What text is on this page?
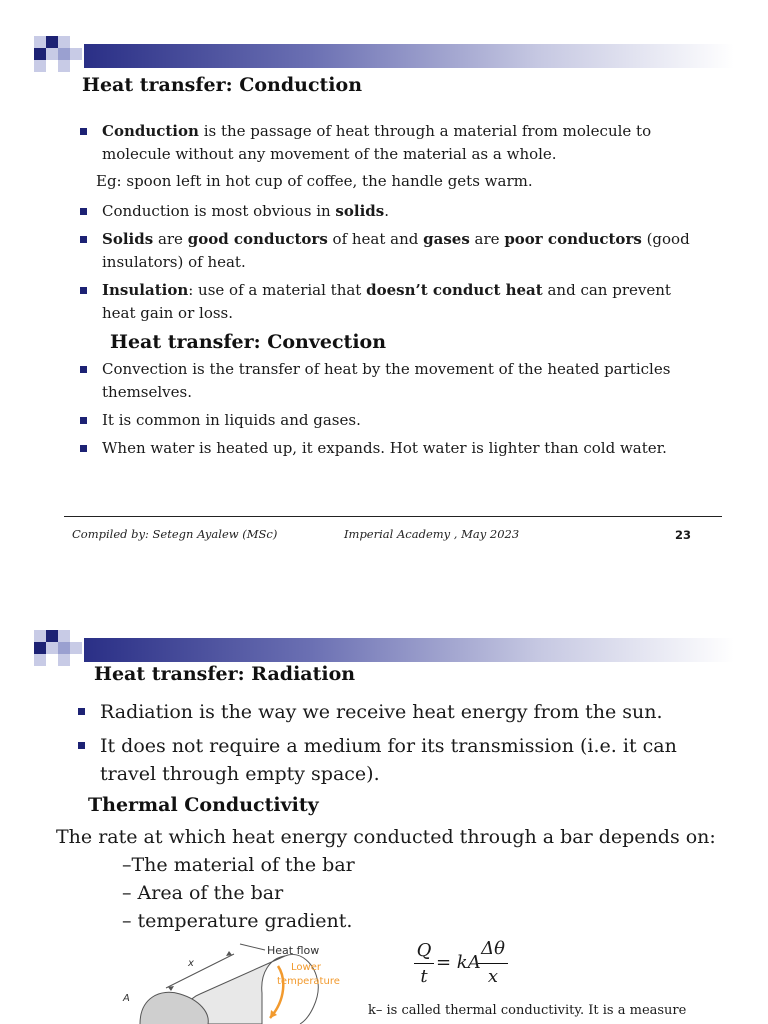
Heat transfer: Conduction
Conduction is the passage of heat through a material from molecule to molecule without any movement of the material as a whole.
Eg: spoon left in hot cup of coffee, the handle gets warm.
Conduction is most obvious in solids.
Solids are good conductors of heat and gases are poor conductors (good insulators) of heat.
Insulation: use of a material that doesn’t conduct heat and can prevent heat gain or loss.
Heat transfer: Convection
Convection is the transfer of heat by the movement of the heated particles themselves.
It is common in liquids and gases.
When water is heated up, it expands. Hot water is lighter than cold water.
Compiled by: Setegn Ayalew (MSc)	Imperial Academy , May 2023	23
Heat transfer: Radiation
Radiation is the way we receive heat energy from the sun.
It does not require a medium for its transmission (i.e. it can travel through empty space).
Thermal Conductivity
The rate at which heat energy conducted through a bar depends on:
–The material of the bar
– Area of the bar
– temperature gradient.
x
A
Heat flow
Lower
temperature
Q
t
= kA
Δθ
x
k– is called thermal conductivity. It is a measure
